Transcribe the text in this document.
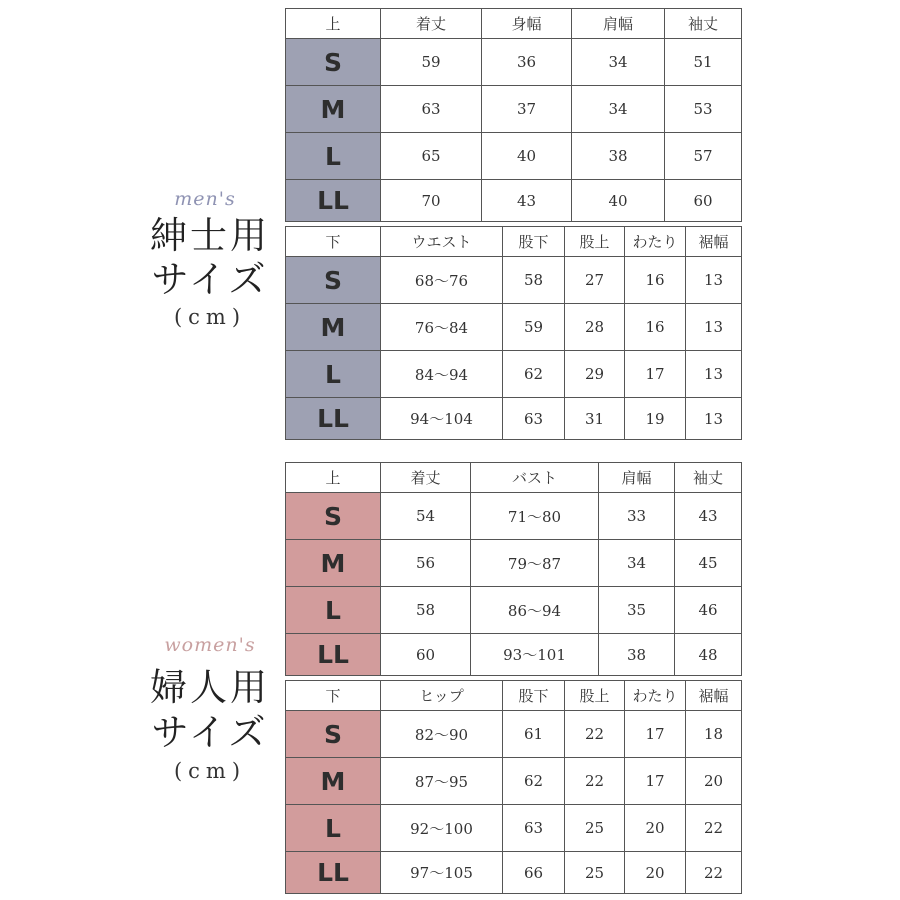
men's
紳士用
サイズ
(cm)
women's
婦人用
サイズ
(cm)
上	着丈	身幅	肩幅	袖丈
S	59	36	34	51
M	63	37	34	53
L	65	40	38	57
LL	70	43	40	60
下	ウエスト	股下	股上	わたり	裾幅
S	68〜76	58	27	16	13
M	76〜84	59	28	16	13
L	84〜94	62	29	17	13
LL	94〜104	63	31	19	13
上	着丈	バスト	肩幅	袖丈
S	54	71〜80	33	43
M	56	79〜87	34	45
L	58	86〜94	35	46
LL	60	93〜101	38	48
下	ヒップ	股下	股上	わたり	裾幅
S	82〜90	61	22	17	18
M	87〜95	62	22	17	20
L	92〜100	63	25	20	22
LL	97〜105	66	25	20	22
